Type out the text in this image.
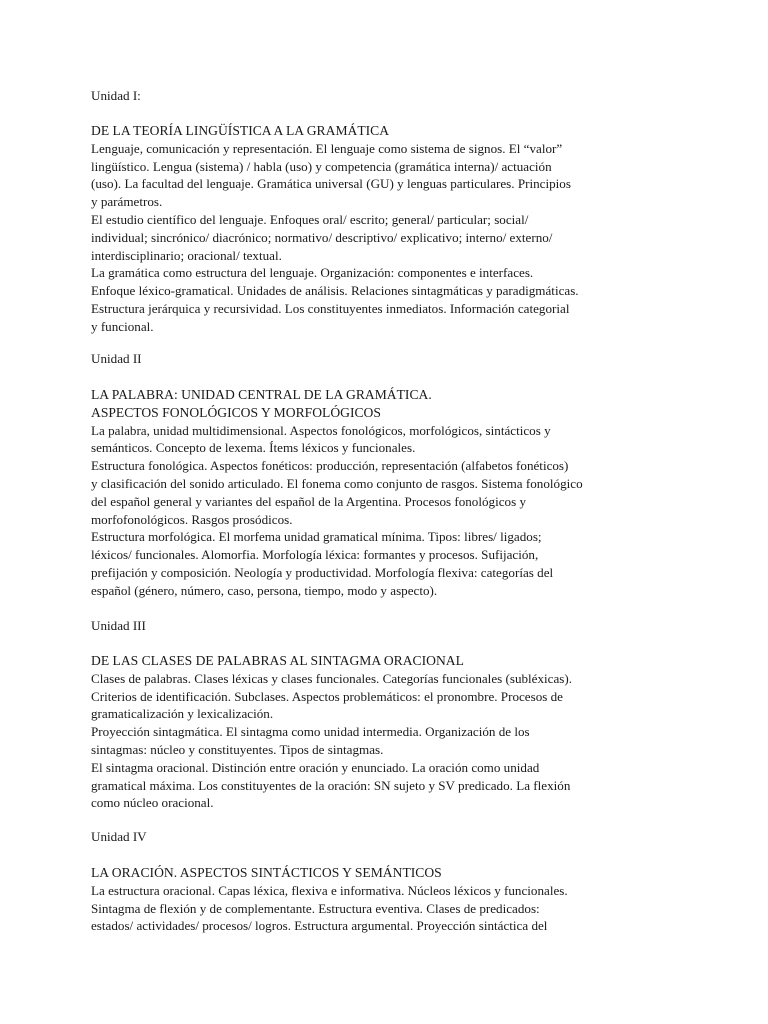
Unidad I:
DE LA TEORÍA LINGÜÍSTICA A LA GRAMÁTICA
Lenguaje, comunicación y representación. El lenguaje como sistema de signos. El “valor”
lingüístico. Lengua (sistema) / habla (uso) y competencia (gramática interna)/ actuación
(uso). La facultad del lenguaje. Gramática universal (GU) y lenguas particulares. Principios
y parámetros.
El estudio científico del lenguaje. Enfoques oral/ escrito; general/ particular; social/
individual; sincrónico/ diacrónico; normativo/ descriptivo/ explicativo; interno/ externo/
interdisciplinario; oracional/ textual.
La gramática como estructura del lenguaje. Organización: componentes e interfaces.
Enfoque léxico-gramatical. Unidades de análisis. Relaciones sintagmáticas y paradigmáticas.
Estructura jerárquica y recursividad. Los constituyentes inmediatos. Información categorial
y funcional.
Unidad II
LA PALABRA: UNIDAD CENTRAL DE LA GRAMÁTICA.
ASPECTOS FONOLÓGICOS Y MORFOLÓGICOS
La palabra, unidad multidimensional. Aspectos fonológicos, morfológicos, sintácticos y
semánticos. Concepto de lexema. Ítems léxicos y funcionales.
Estructura fonológica. Aspectos fonéticos: producción, representación (alfabetos fonéticos)
y clasificación del sonido articulado. El fonema como conjunto de rasgos. Sistema fonológico
del español general y variantes del español de la Argentina. Procesos fonológicos y
morfofonológicos. Rasgos prosódicos.
Estructura morfológica. El morfema unidad gramatical mínima. Tipos: libres/ ligados;
léxicos/ funcionales. Alomorfia. Morfología léxica: formantes y procesos. Sufijación,
prefijación y composición. Neología y productividad. Morfología flexiva: categorías del
español (género, número, caso, persona, tiempo, modo y aspecto).
Unidad III
DE LAS CLASES DE PALABRAS AL SINTAGMA ORACIONAL
Clases de palabras. Clases léxicas y clases funcionales. Categorías funcionales (subléxicas).
Criterios de identificación. Subclases. Aspectos problemáticos: el pronombre. Procesos de
gramaticalización y lexicalización.
Proyección sintagmática. El sintagma como unidad intermedia. Organización de los
sintagmas: núcleo y constituyentes. Tipos de sintagmas.
El sintagma oracional. Distinción entre oración y enunciado. La oración como unidad
gramatical máxima. Los constituyentes de la oración: SN sujeto y SV predicado. La flexión
como núcleo oracional.
Unidad IV
LA ORACIÓN. ASPECTOS SINTÁCTICOS Y SEMÁNTICOS
La estructura oracional. Capas léxica, flexiva e informativa. Núcleos léxicos y funcionales.
Sintagma de flexión y de complementante. Estructura eventiva. Clases de predicados:
estados/ actividades/ procesos/ logros. Estructura argumental. Proyección sintáctica del
